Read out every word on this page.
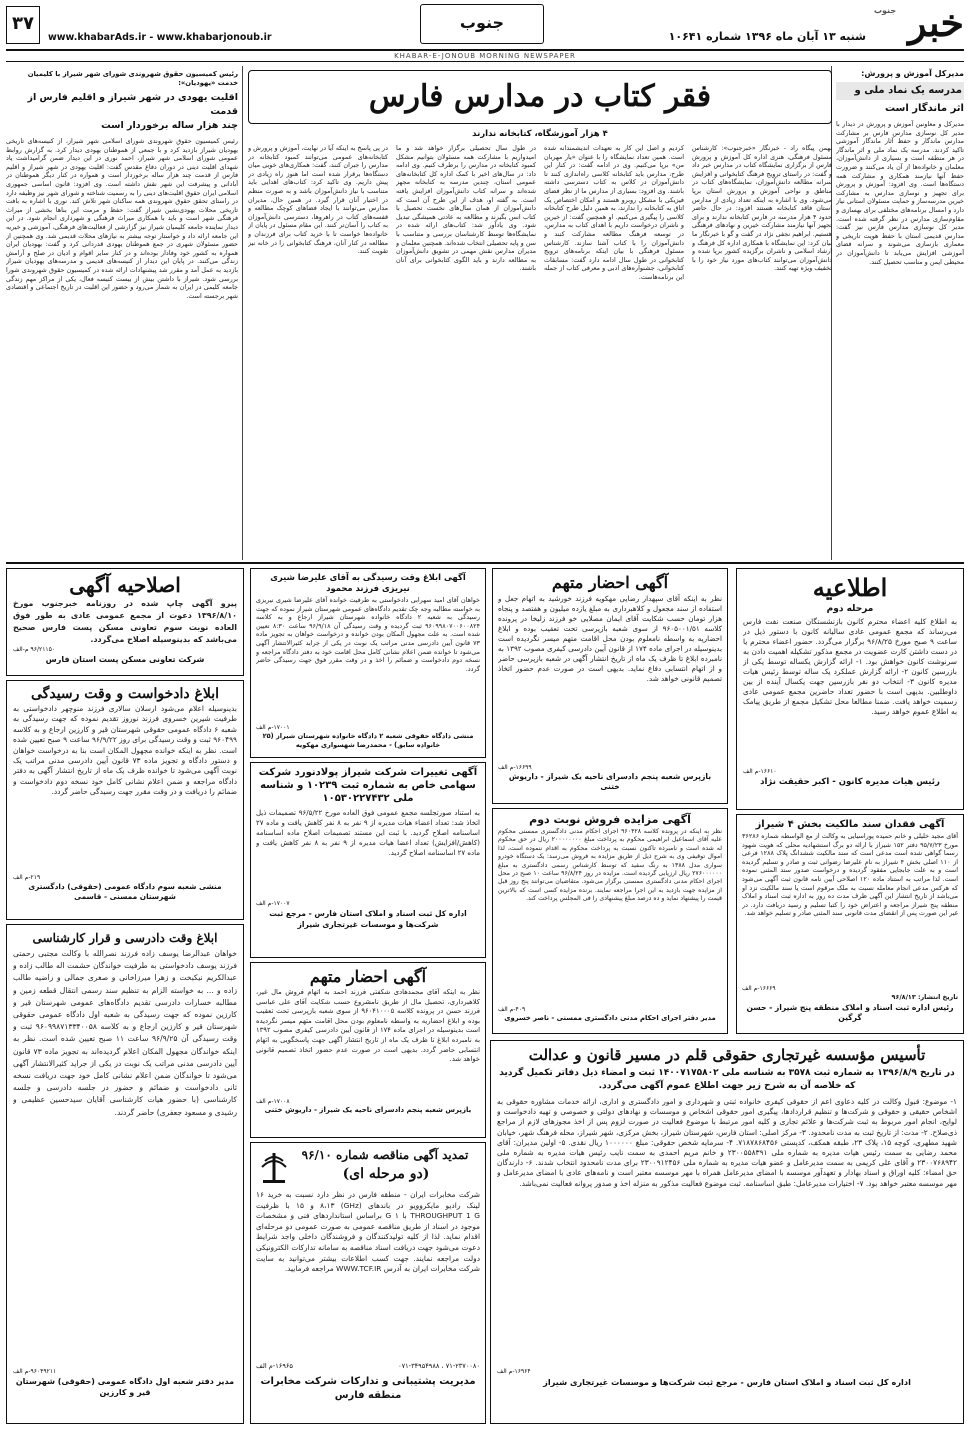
خبر
جنوب
شنبه ۱۳ آبان ماه ۱۳۹۶ شماره ۱۰۶۴۱
جنوب
۳۷
www.khabarAds.ir - www.khabarjonoub.ir
KHABAR-E-JONOUB MORNING NEWSPAPER
مدیرکل آموزش و پرورش:
مدرسه یک نماد ملی و
اثر ماندگار است
مدیرکل و معاونین آموزش و پرورش در دیدار با مدیر کل نوسازی مدارس فارس بر مشارکت مدارس ماندگار و حفظ آثار ماندگار آموزشی تاکید کردند. مدرسه یک نماد ملی و اثر ماندگار در هر منطقه است و بسیاری از دانش‌آموزان، معلمان و خانواده‌ها از آن یاد می‌کنند و ضرورت حفظ آنها نیازمند همکاری و مشارکت همه دستگاه‌ها است. وی افزود: آموزش و پرورش برای تجهیز و نوسازی مدارس به مشارکت خیرین مدرسه‌ساز و حمایت مسئولان استانی نیاز دارد و امسال برنامه‌های مختلفی برای بهسازی و مقاوم‌سازی مدارس در نظر گرفته شده است. مدیر کل نوسازی مدارس فارس نیز گفت: مدارس قدیمی استان با حفظ هویت تاریخی و معماری بازسازی می‌شوند و سرانه فضای آموزشی افزایش می‌یابد تا دانش‌آموزان در محیطی ایمن و مناسب تحصیل کنند.
فقر کتاب در مدارس فارس
۴ هزار آموزشگاه، کتابخانه ندارند
بهمن پیگاه راد - خبرنگار «خبرجنوب»: کارشناس مسئول فرهنگی، هنری اداره کل آموزش و پرورش فارس از برگزاری نمایشگاه کتاب در مدارس خبر داد و گفت: در راستای ترویج فرهنگ کتابخوانی و افزایش سرانه مطالعه دانش‌آموزان، نمایشگاه‌های کتاب در مناطق و نواحی آموزش و پرورش استان برپا می‌شود. وی با اشاره به اینکه تعداد زیادی از مدارس استان فاقد کتابخانه هستند افزود: در حال حاضر حدود ۴ هزار مدرسه در فارس کتابخانه ندارند و برای تجهیز آنها نیازمند مشارکت خیرین و نهادهای فرهنگی هستیم. ابراهیم نجفی نژاد در گفت و گو با خبرنگار ما بیان کرد: این نمایشگاه با همکاری اداره کل فرهنگ و ارشاد اسلامی و ناشران برگزیده کشور برپا شده و دانش‌آموزان می‌توانند کتاب‌های مورد نیاز خود را با تخفیف ویژه تهیه کنند.
کردیم و اصل این کار به تعهدات اندیشمندانه شده است. همین تعداد نمایشگاه را با عنوان «یار مهربان من» برپا می‌کنیم. وی در ادامه گفت: در کنار این طرح، مدارس باید کتابخانه کلاسی راه‌اندازی کنند تا دانش‌آموزان در کلاس به کتاب دسترسی داشته باشند. وی افزود: بسیاری از مدارس ما از نظر فضای فیزیکی با مشکل روبرو هستند و امکان اختصاص یک اتاق به کتابخانه را ندارند، به همین دلیل طرح کتابخانه کلاسی را پیگیری می‌کنیم. او همچنین گفت: از خیرین و ناشران درخواست داریم با اهدای کتاب به مدارس، در توسعه فرهنگ مطالعه مشارکت کنند و دانش‌آموزان را با کتاب آشنا سازند. کارشناس مسئول فرهنگی با بیان اینکه برنامه‌های ترویج کتابخوانی در طول سال ادامه دارد گفت: مسابقات کتابخوانی، جشنواره‌های ادبی و معرفی کتاب از جمله این برنامه‌هاست.
در طول سال تحصیلی برگزار خواهد شد و ما امیدواریم با مشارکت همه مسئولان بتوانیم مشکل کمبود کتابخانه در مدارس را برطرف کنیم. وی ادامه داد: در سال‌های اخیر با کمک اداره کل کتابخانه‌های عمومی استان، چندین مدرسه به کتابخانه مجهز شده‌اند و سرانه کتاب دانش‌آموزان افزایش یافته است. به گفته او، هدف از این طرح آن است که دانش‌آموزان از همان سال‌های نخست تحصیل با کتاب انس بگیرند و مطالعه به عادتی همیشگی تبدیل شود. وی یادآور شد: کتاب‌های ارائه شده در نمایشگاه‌ها توسط کارشناسان بررسی و متناسب با سن و پایه تحصیلی انتخاب شده‌اند. همچنین معلمان و مدیران مدارس نقش مهمی در تشویق دانش‌آموزان به مطالعه دارند و باید الگوی کتابخوانی برای آنان باشند.
در پی پاسخ به اینکه آیا در نهایت، آموزش و پرورش و کتابخانه‌های عمومی می‌توانند کمبود کتابخانه در مدارس را جبران کنند، گفت: همکاری‌های خوبی میان دستگاه‌ها برقرار شده است اما هنوز راه زیادی در پیش داریم. وی تاکید کرد: کتاب‌های اهدایی باید متناسب با نیاز دانش‌آموزان باشد و به صورت منظم در اختیار آنان قرار گیرد. در همین حال، مدیران مدارس می‌توانند با ایجاد فضاهای کوچک مطالعه و قفسه‌های کتاب در راهروها، دسترسی دانش‌آموزان به کتاب را آسان‌تر کنند. این مقام مسئول در پایان از خانواده‌ها خواست تا با خرید کتاب برای فرزندان و مطالعه در کنار آنان، فرهنگ کتابخوانی را در خانه نیز تقویت کنند.
رئیس کمیسیون حقوق شهروندی شورای شهر شیراز با کلیمیان خدمت «یهودیان»:
اقلیت یهودی در شهر شیراز و اقلیم فارس از قدمت
چند هزار ساله برخوردار است
رئیس کمیسیون حقوق شهروندی شورای اسلامی شهر شیراز، از کنیسه‌های تاریخی یهودیان شیراز بازدید کرد و با جمعی از هموطنان یهودی دیدار کرد. به گزارش روابط عمومی شورای اسلامی شهر شیراز، احمد نوری در این دیدار ضمن گرامیداشت یاد شهدای اقلیت دینی در دوران دفاع مقدس گفت: اقلیت یهودی در شهر شیراز و اقلیم فارس از قدمت چند هزار ساله برخوردار است و همواره در کنار دیگر هموطنان در آبادانی و پیشرفت این شهر نقش داشته است. وی افزود: قانون اساسی جمهوری اسلامی ایران حقوق اقلیت‌های دینی را به رسمیت شناخته و شورای شهر نیز وظیفه دارد در راستای تحقق حقوق شهروندی همه ساکنان شهر تلاش کند. نوری با اشاره به بافت تاریخی محلات یهودی‌نشین شیراز گفت: حفظ و مرمت این بناها بخشی از میراث فرهنگی شهر است و باید با همکاری میراث فرهنگی و شهرداری انجام شود. در این دیدار نماینده جامعه کلیمیان شیراز نیز گزارشی از فعالیت‌های فرهنگی، آموزشی و خیریه این جامعه ارائه داد و خواستار توجه بیشتر به نیازهای محلات قدیمی شد. وی همچنین از حضور مسئولان شهری در جمع هموطنان یهودی قدردانی کرد و گفت: یهودیان ایران همواره به کشور خود وفادار بوده‌اند و در کنار سایر اقوام و ادیان در صلح و آرامش زندگی می‌کنند. در پایان این دیدار از کنیسه‌های قدیمی و مدرسه‌های یهودیان شیراز بازدید به عمل آمد و مقرر شد پیشنهادات ارائه شده در کمیسیون حقوق شهروندی شورا بررسی شود. شیراز با داشتن بیش از بیست کنیسه فعال، یکی از مراکز مهم زندگی جامعه کلیمی در ایران به شمار می‌رود و حضور این اقلیت در تاریخ اجتماعی و اقتصادی شهر برجسته است.
اطلاعیه
مرحله دوم
به اطلاع کلیه اعضاء محترم کانون بازنشستگان صنعت نفت فارس می‌رساند که مجمع عمومی عادی سالیانه کانون با دستور ذیل در ساعت ۹ صبح مورخ ۹۶/۸/۲۵ برگزار می‌گردد. حضور اعضاء محترم یا در دست داشتن کارت عضویت در مجمع مذکور تشکیله اهمیت دادن به سرنوشت کانون خواهش بود. ۱- ارائه گزارش یکساله توسط یکی از بازرسین کانون ۲- ارائه گزارش عملکرد یک ساله توسط رئیس هیات مدیره کانون ۳- انتخاب دو نفر بازرسین جهت یکسال آینده از بین داوطلبین. بدیهی است با حضور تعداد حاضرین مجمع عمومی عادی رسمیت خواهد یافت. ضمنا مطالعا محل تشکیل مجمع از طریق پیامک به اطلاع عموم خواهد رسید.
۱۶۶۱۰-م الف
رئیس هیات مدیره کانون - اکبر حقیقت نژاد
آگهی احضار متهم
نظر به اینکه آقای سپهدار رضایی مهکویه فرزند خورشید به اتهام جعل و استفاده از سند مجعول و کلاهبرداری به مبلغ یازده میلیون و هفتصد و پنجاه هزار تومان حسب شکایت آقای ایمان مصلایی خو فرزند زلیخا در پرونده کلاسه ۹۶۰۵۰۰۱/۵۱ از سوی شعبه بازپرسی تحت تعقیب بوده و ابلاغ احضاریه به واسطه نامعلوم بودن محل اقامت متهم میسر نگردیده است بدینوسیله در اجرای ماده ۱۷۴ از قانون آیین دادرسی کیفری مصوب ۱۳۹۲ به نامبرده ابلاغ تا ظرف یک ماه از تاریخ انتشار آگهی در شعبه بازپرسی حاضر و از اتهام انتسابی دفاع نماید. بدیهی است در صورت عدم حضور اتخاذ تصمیم قانونی خواهد شد.
۱۶۶۹۹-م الف
بازپرس شعبه پنجم دادسرای ناحیه یک شیراز - داریوش ختنی
آگهی ابلاغ وقت رسیدگی به آقای علیرضا شیری نیریزی فرزند محمود
خواهان آقای امید سهرابی دادخواستی به طرفیت خوانده آقای علیرضا شیری نیریزی به خواسته مطالبه وجه چک تقدیم دادگاه‌های عمومی شهرستان شیراز نموده که جهت رسیدگی به شعبه ۲ دادگاه خانواده شهرستان شیراز ارجاع و به کلاسه ۹۶۰۹۹۸۰۷۰۰۶۰۰۸۲۴ ثبت گردیده و وقت رسیدگی آن ۹۶/۹/۱۸ ساعت ۸:۳۰ تعیین شده است. به علت مجهول المکان بودن خوانده و درخواست خواهان به تجویز ماده ۷۳ قانون آیین دادرسی مدنی مراتب یک نوبت در یکی از جراید کثیرالانتشار آگهی می‌شود تا خوانده ضمن اعلام نشانی کامل محل اقامت خود به دفتر دادگاه مراجعه و نسخه دوم دادخواست و ضمائم را اخذ و در وقت مقرر فوق جهت رسیدگی حاضر گردد.
۱۷۰۰۱-م الف
منشی دادگاه حقوقی شعبه ۲ دادگاه خانواده شهرستان شیراز (۲۵ خانواده سابق) - محمدرضا شهسواری مهکویه
اصلاحیه آگهی
پیرو آگهی چاپ شده در روزنامه خبرجنوب مورخ ۱۳۹۶/۸/۱۰ دعوت از مجمع عمومی عادی به طور فوق العاده نوبت سوم تعاونی مسکن پست فارس صحیح می‌باشد که بدینوسیله اصلاح می‌گردد.
۹۶/۲۱۱۵۰ م-الف
شرکت تعاونی مسکن پست استان فارس
ابلاغ دادخواست و وقت رسیدگی
بدینوسیله اعلام می‌شود ارسلان سالاری فرزند منوچهر دادخواستی به طرفیت شیرین خسروی فرزند نوروز تقدیم نموده که جهت رسیدگی به شعبه ۶ دادگاه عمومی حقوقی شهرستان قیر و کارزین ارجاع و به کلاسه ۹۶۰۴۹۹ ثبت و وقت رسیدگی برای روز ۹۶/۹/۲۲ ساعت ۹ صبح تعیین شده است. نظر به اینکه خوانده مجهول المکان است بنا به درخواست خواهان و دستور دادگاه و تجویز ماده ۷۳ قانون آیین دادرسی مدنی مراتب یک نوبت آگهی می‌شود تا خوانده ظرف یک ماه از تاریخ انتشار آگهی به دفتر دادگاه مراجعه و ضمن اعلام نشانی کامل خود نسخه دوم دادخواست و ضمائم را دریافت و در وقت مقرر جهت رسیدگی حاضر گردد.
۲۱۹-م الف
منشی شعبه سوم دادگاه عمومی (حقوقی) دادگستری شهرستان ممسنی - قاسمی
آگهی تغییرات شرکت شیراز پولادنورد شرکت سهامی خاص به شماره ثبت ۱۰۲۳۹ و شناسه ملی ۱۰۵۳۰۲۲۷۴۳۲
به استناد صورتجلسه مجمع عمومی فوق العاده مورخ ۹۶/۵/۲۲ تصمیمات ذیل اتخاذ شد: تعداد اعضاء هیات مدیره از ۹ نفر به ۸ نفر کاهش یافت و ماده ۲۷ اساسنامه اصلاح گردید. با ثبت این مستند تصمیمات اصلاح ماده اساسنامه (کاهش/افزایش) تعداد اعضا هیات مدیره از ۹ نفر به ۸ نفر کاهش یافت و ماده ۲۷ اساسنامه اصلاح گردید.
۱۷۰۰۷-م الف
اداره کل ثبت اسناد و املاک استان فارس - مرجع ثبت شرکت‌ها و موسسات غیرتجاری شیراز
آگهی مزایده فروش نوبت دوم
نظر به اینکه در پرونده کلاسه ۹۶۰۴۲۸ اجرای احکام مدنی دادگستری ممسنی محکوم علیه آقای اسماعیل ابراهیمی محکوم به پرداخت مبلغ ۲۰۰۰۰۰۰۰۰ ریال در حق محکوم له شده است و نامبرده تاکنون نسبت به پرداخت محکوم به اقدام ننموده است، لذا اموال توقیفی وی به شرح ذیل از طریق مزایده به فروش می‌رسد: یک دستگاه خودرو سواری مدل ۱۳۸۸ به رنگ سفید که توسط کارشناس رسمی دادگستری به مبلغ ۲۷۶۰۰۰۰۰۰ ریال ارزیابی گردیده است. مزایده در روز ۹۶/۸/۲۴ ساعت ۱۰ صبح در محل اجرای احکام مدنی دادگستری ممسنی برگزار می‌شود. متقاضیان می‌توانند پنج روز قبل از مزایده جهت بازدید به این اجرا مراجعه نمایند. برنده مزایده کسی است که بالاترین قیمت را پیشنهاد نماید و ده درصد مبلغ پیشنهادی را فی المجلس پرداخت کند.
۴۰۹-م الف
مدیر دفتر اجرای احکام مدنی دادگستری ممسنی - ناصر خسروی
آگهی فقدان سند مالکیت بخش ۴ شیراز
آقای مجید خلیلی و خانم حمیده پوراسیایی به وکالت از مع الواسطه شماره ۳۶۲۸۶ مورخ ۹۵/۷/۲۳ دفتر ۱۵۲ شیراز با ارائه دو برگ استشهادیه محلی که هویت شهود رسما گواهی شده است مدعی است که سند مالکیت ششدانگ پلاک ۱۲۸۸ فرعی از ۱۱۰ اصلی بخش ۴ شیراز به نام علیرضا رضوانی ثبت و صادر و تسلیم گردیده است و به علت جابجایی مفقود گردیده و درخواست صدور سند المثنی نموده است. لذا مراتب به استناد ماده ۱۲۰ اصلاحی آیین نامه قانون ثبت آگهی می‌شود که هرکس مدعی انجام معامله نسبت به ملک مرقوم است یا سند مالکیت نزد او می‌باشد از تاریخ انتشار این آگهی ظرف مدت ده روز به اداره ثبت اسناد و املاک منطقه پنج شیراز مراجعه و اعتراض خود را کتبا تسلیم و رسید دریافت دارد. در غیر این صورت پس از انقضای مدت قانونی سند المثنی صادر و تسلیم خواهد شد.
تاریخ انتشار: ۹۶/۸/۱۳
۱۶۶۶۹-م الف
رئیس اداره ثبت اسناد و املاک منطقه پنج شیراز - حسن گرگین
آگهی احضار متهم
نظر به اینکه آقای محمدهادی شکفتی فرزند احمد به اتهام فروش مال غیر، کلاهبرداری، تحصیل مال از طریق نامشروع حسب شکایت آقای علی عباسی فرزند حسن در پرونده کلاسه ۹۶۰۴۱۰۰۰۵ از سوی شعبه بازپرسی تحت تعقیب بوده و ابلاغ احضاریه به واسطه نامعلوم بودن محل اقامت متهم میسر نگردیده است بدینوسیله در اجرای ماده ۱۷۴ از قانون آیین دادرسی کیفری مصوب ۱۳۹۲ به نامبرده ابلاغ تا ظرف یک ماه از تاریخ انتشار آگهی جهت پاسخگویی به اتهام انتسابی حاضر گردد. بدیهی است در صورت عدم حضور اتخاذ تصمیم قانونی خواهد شد.
۱۷۰۰۸-م الف
بازپرس شعبه پنجم دادسرای ناحیه یک شیراز - داریوش ختنی
ابلاغ وقت دادرسی و قرار کارشناسی
خواهان عبدالرضا یوسف زاده فرزند نصرالله با وکالت مجتبی رحمتی فرزند یوسف دادخواستی به طرفیت خواندگان حشمت اله طالب زاده و عبدالکریم نیکبخت و زهرا میرزاخانی و صغری جمالی و راضیه طالب زاده و ... به خواسته الزام به تنظیم سند رسمی انتقال قطعه زمین و مطالبه خسارات دادرسی تقدیم دادگاه‌های عمومی شهرستان قیر و کارزین نموده که جهت رسیدگی به شعبه اول دادگاه عمومی حقوقی شهرستان قیر و کارزین ارجاع و به کلاسه ۹۶۰۹۹۸۷۱۳۳۴۰۰۵۸ ثبت و وقت رسیدگی آن ۹۶/۹/۲۵ ساعت ۱۱ صبح تعیین شده است. نظر به اینکه خواندگان مجهول المکان اعلام گردیده‌اند به تجویز ماده ۷۳ قانون آیین دادرسی مدنی مراتب یک نوبت در یکی از جراید کثیرالانتشار آگهی می‌شود تا خواندگان ضمن اعلام نشانی کامل خود جهت دریافت نسخه ثانی دادخواست و ضمائم و حضور در جلسه دادرسی و جلسه کارشناسی (با حضور هیات کارشناسی آقایان سیدحسین عظیمی و رشیدی و مسعود جعفری) حاضر گردند.
۹۶۰۴۹۲۱۱-م الف
مدیر دفتر شعبه اول دادگاه عمومی (حقوقی) شهرستان قیر و کارزین
تمدید آگهی مناقصه شماره ۹۶/۱۰
(دو مرحله ای)
شرکت مخابرات ایران - منطقه فارس در نظر دارد نسبت به خرید ۱۶ لینک رادیو مایکروویو در باندهای (GHz) ۸،۱۳ و ۱۵ با ظرفیت THROUGHPUT 1 G با ۱ G براساس استانداردهای فنی و مشخصات موجود در اسناد از طریق مناقصه عمومی به صورت عمومی دو مرحله‌ای اقدام نماید. لذا از کلیه تولیدکنندگان و فروشندگان داخلی واجد شرایط دعوت می‌شود جهت دریافت اسناد مناقصه به سامانه تدارکات الکترونیکی دولت مراجعه نمایند. جهت کسب اطلاعات بیشتر می‌توانید به سایت شرکت مخابرات ایران به آدرس WWW.TCF.IR مراجعه فرمایید.
۷۱-۲۳۷۰۰۸۰ ، ۰۷۱-۳۴۹۵۴۹۸۸
۱۶۹۶۵-م الف
مدیریت پشتیبانی و تدارکات شرکت مخابرات منطقه فارس
تأسیس مؤسسه غیرتجاری حقوقی قلم در مسیر قانون و عدالت
در تاریخ ۱۳۹۶/۸/۹ به شماره ثبت ۳۵۷۸ به شناسه ملی ۱۴۰۰۷۱۷۵۸۰۲ ثبت و امضاء ذیل دفاتر تکمیل گردید که خلاصه آن به شرح زیر جهت اطلاع عموم آگهی می‌گردد.
۱- موضوع: قبول وکالت در کلیه دعاوی اعم از حقوقی کیفری خانواده ثبتی و شهرداری و امور دادگستری و اداری، ارائه خدمات مشاوره حقوقی به اشخاص حقیقی و حقوقی و شرکت‌ها و تنظیم قراردادها، پیگیری امور حقوقی اشخاص و موسسات و نهادهای دولتی و خصوصی و تهیه دادخواست و لوایح، انجام امور مربوط به ثبت شرکت‌ها و علائم تجاری و کلیه امور مرتبط با موضوع فعالیت در صورت لزوم پس از اخذ مجوزهای لازم از مراجع ذی‌صلاح. ۲- مدت: از تاریخ ثبت به مدت نامحدود. ۳- مرکز اصلی: استان فارس، شهرستان شیراز، بخش مرکزی، شهر شیراز، محله فرهنگ شهر، خیابان شهید مطهری، کوچه ۱۵، پلاک ۲۳، طبقه همکف، کدپستی ۷۱۸۷۸۶۸۴۵۶. ۴- سرمایه شخص حقوقی: مبلغ ۱۰۰۰۰۰۰ ریال نقدی. ۵- اولین مدیران: آقای محمد رضایی به سمت رئیس هیات مدیره به شماره ملی ۲۳۰۰۵۵۸۳۹۱ و خانم مریم احمدی به سمت نایب رئیس هیات مدیره به شماره ملی ۲۳۰۰۷۶۸۹۴۲ و آقای علی کریمی به سمت مدیرعامل و عضو هیات مدیره به شماره ملی ۲۳۰۰۹۱۲۴۵۶ برای مدت نامحدود انتخاب شدند. ۶- دارندگان حق امضاء: کلیه اوراق و اسناد بهادار و تعهدآور موسسه با امضای مدیرعامل همراه با مهر موسسه معتبر است و نامه‌های عادی با امضای مدیرعامل و مهر موسسه معتبر خواهد بود. ۷- اختیارات مدیرعامل: طبق اساسنامه. ثبت موضوع فعالیت مذکور به منزله اخذ و صدور پروانه فعالیت نمی‌باشد.
۱۶۹۶۴-م الف
اداره کل ثبت اسناد و املاک استان فارس - مرجع ثبت شرکت‌ها و موسسات غیرتجاری شیراز
